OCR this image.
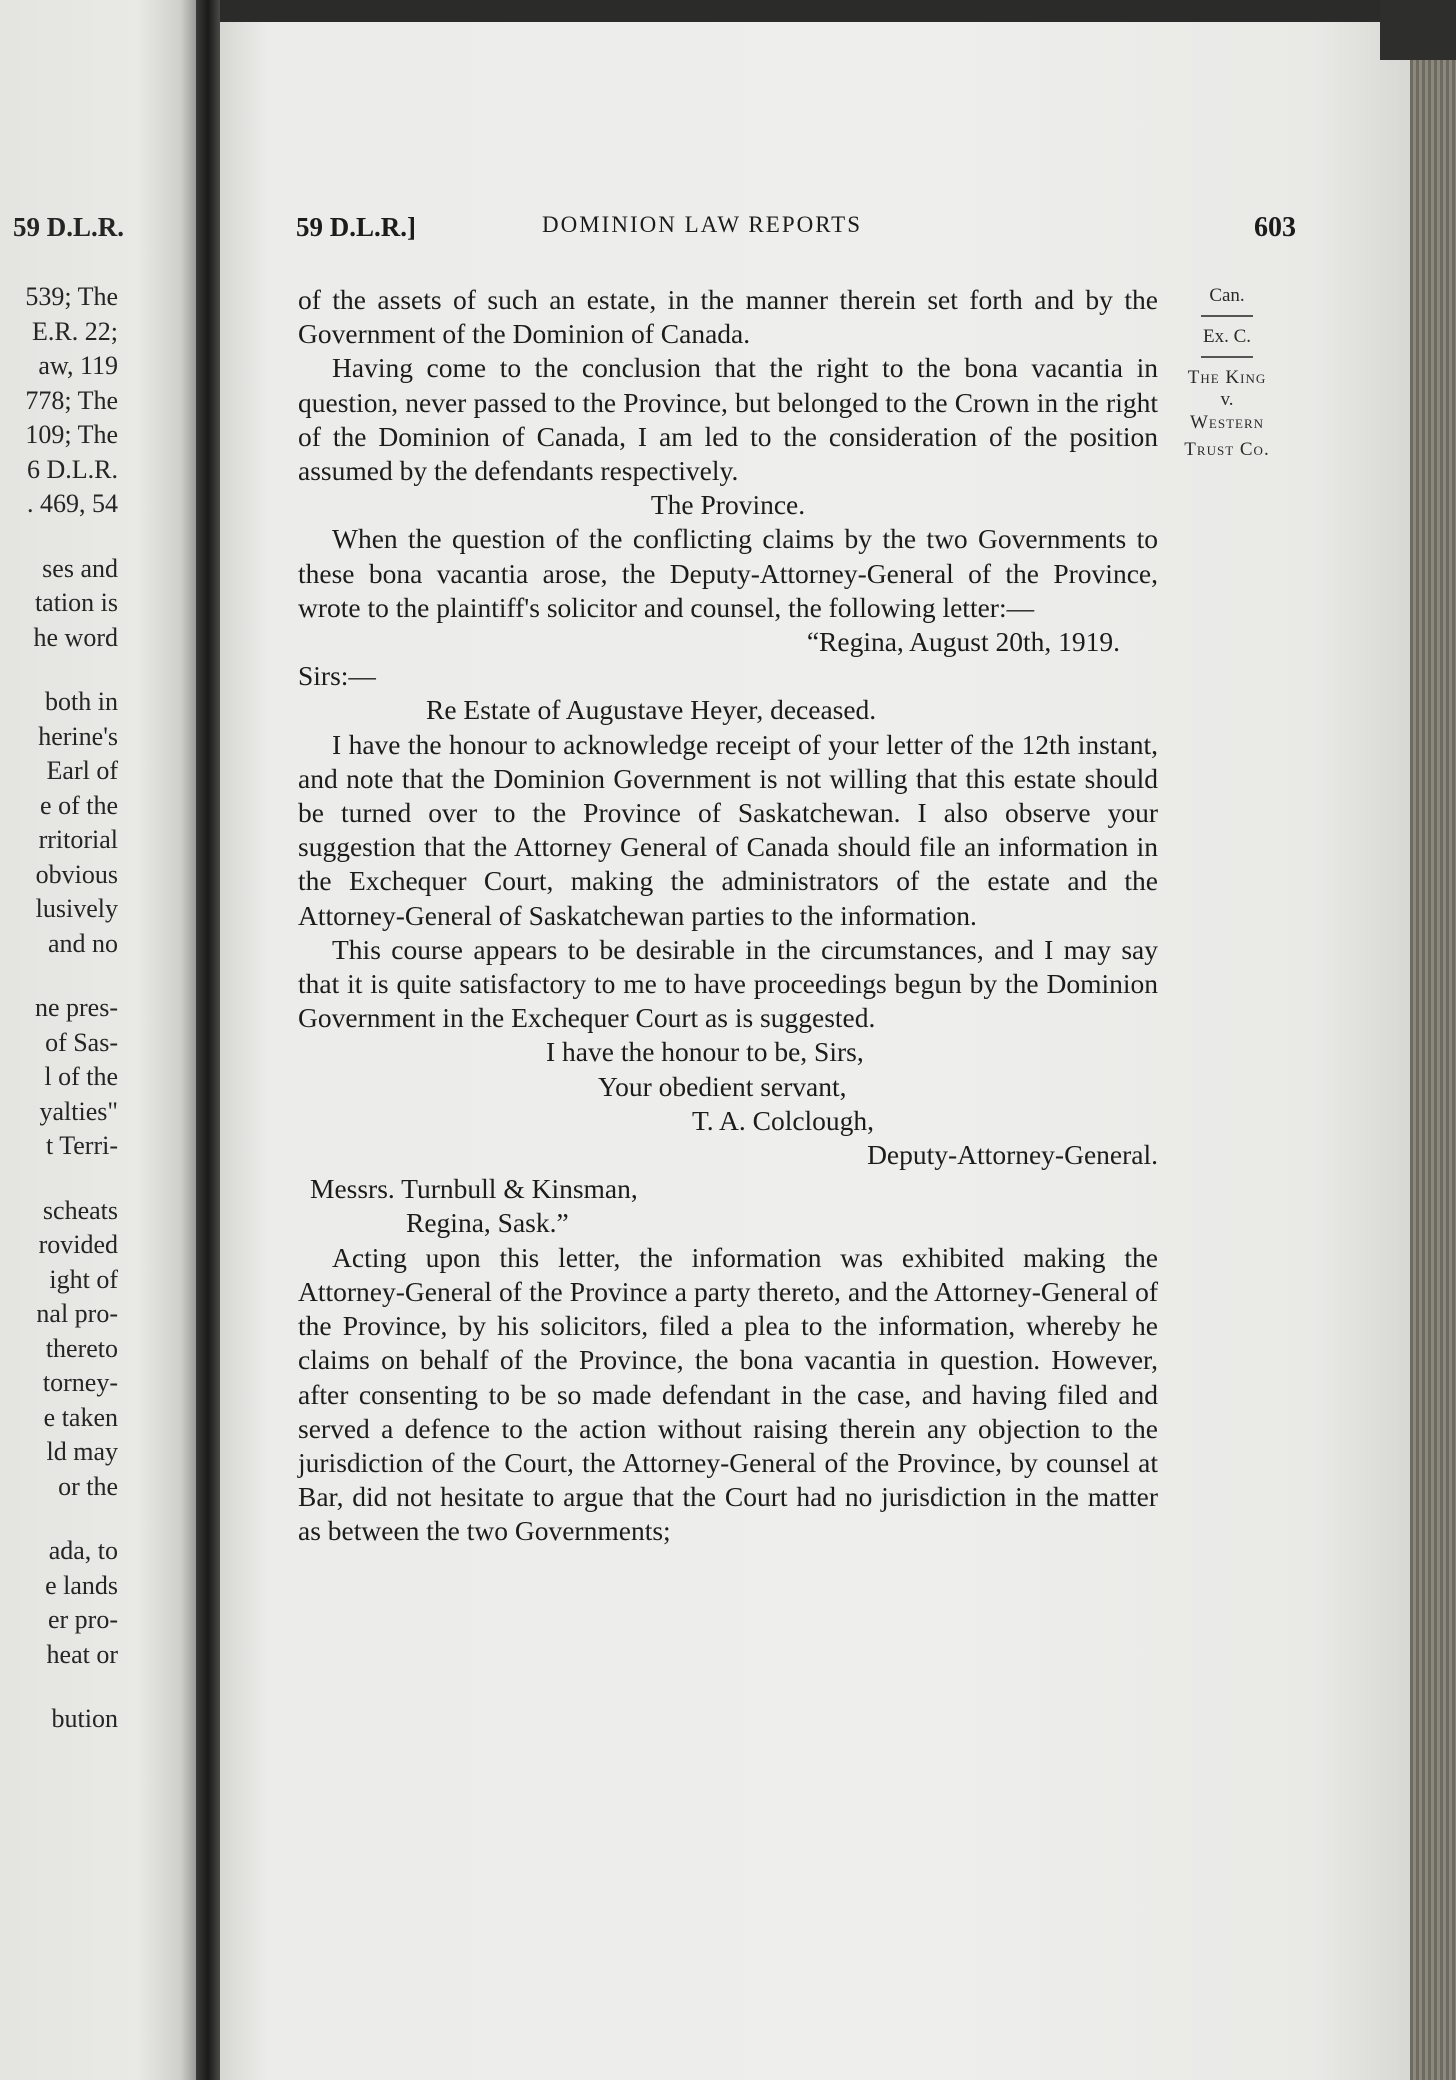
59 D.L.R.
539; The
E.R. 22;
aw, 119
778; The
109; The
6 D.L.R.
. 469, 54
ses and
tation is
he word
both in
herine's
Earl of
e of the
rritorial
obvious
lusively
and no
ne pres-
of Sas-
l of the
yalties"
t Terri-
scheats
rovided
ight of
nal pro-
thereto
torney-
e taken
ld may
or the
ada, to
e lands
er pro-
heat or
bution
59 D.L.R.]	DOMINION LAW REPORTS	603
Can.
Ex. C.
The King
v.
Western
Trust Co.

of the assets of such an estate, in the manner therein set forth and by the Government of the Dominion of Canada.

Having come to the conclusion that the right to the bona vacantia in question, never passed to the Province, but belonged to the Crown in the right of the Dominion of Canada, I am led to the consideration of the position assumed by the defendants respectively.

The Province.

When the question of the conflicting claims by the two Governments to these bona vacantia arose, the Deputy-Attorney-General of the Province, wrote to the plaintiff's solicitor and counsel, the following letter:—

“Regina, August 20th, 1919.

Sirs:—

Re Estate of Augustave Heyer, deceased.

I have the honour to acknowledge receipt of your letter of the 12th instant, and note that the Dominion Government is not willing that this estate should be turned over to the Province of Saskatchewan. I also observe your suggestion that the Attorney General of Canada should file an information in the Exchequer Court, making the administrators of the estate and the Attorney-General of Saskatchewan parties to the information.

This course appears to be desirable in the circumstances, and I may say that it is quite satisfactory to me to have proceedings begun by the Dominion Government in the Exchequer Court as is suggested.

I have the honour to be, Sirs,

Your obedient servant,

T. A. Colclough,

Deputy-Attorney-General.

Messrs. Turnbull & Kinsman,

Regina, Sask.”

Acting upon this letter, the information was exhibited making the Attorney-General of the Province a party thereto, and the Attorney-General of the Province, by his solicitors, filed a plea to the information, whereby he claims on behalf of the Province, the bona vacantia in question. However, after consenting to be so made defendant in the case, and having filed and served a defence to the action without raising therein any objection to the jurisdiction of the Court, the Attorney-General of the Province, by counsel at Bar, did not hesitate to argue that the Court had no jurisdiction in the matter as between the two Governments;
